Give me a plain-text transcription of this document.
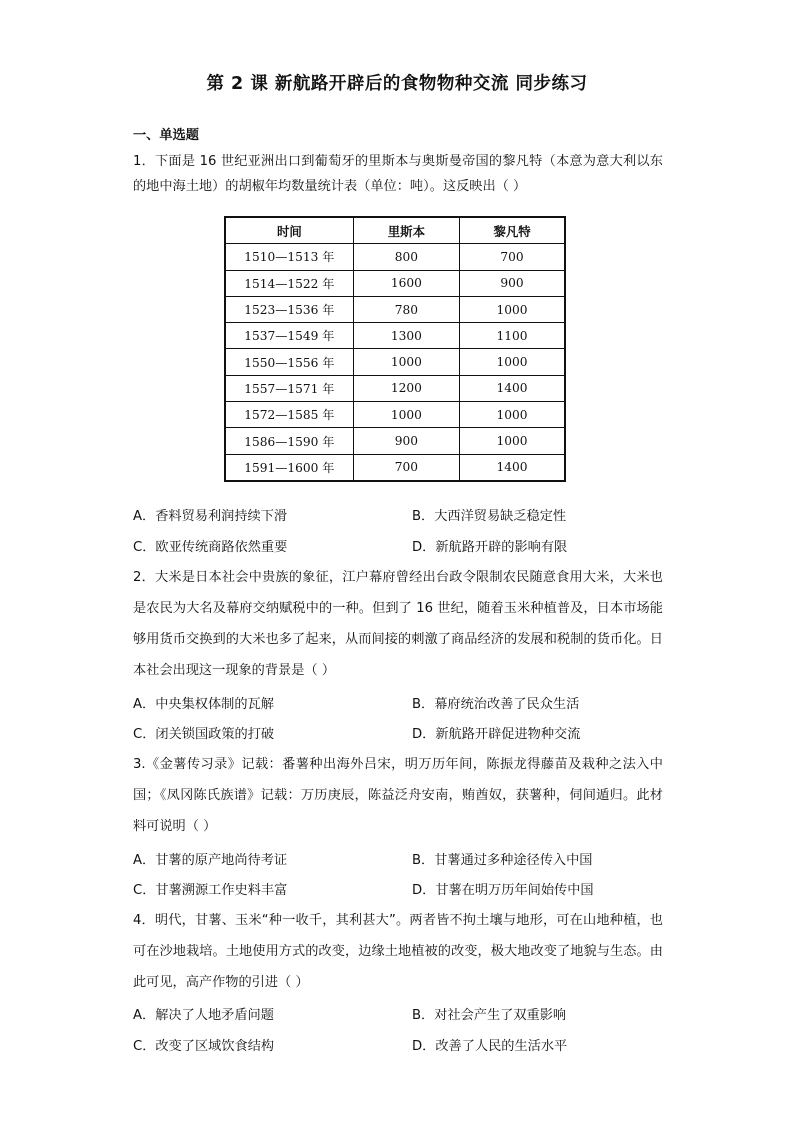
第 2 课 新航路开辟后的食物物种交流 同步练习
一、单选题
1．下面是 16 世纪亚洲出口到葡萄牙的里斯本与奥斯曼帝国的黎凡特（本意为意大利以东的地中海土地）的胡椒年均数量统计表（单位：吨）。这反映出（ ）
时间	里斯本	黎凡特
1510—1513 年	800	700
1514—1522 年	1600	900
1523—1536 年	780	1000
1537—1549 年	1300	1100
1550—1556 年	1000	1000
1557—1571 年	1200	1400
1572—1585 年	1000	1000
1586—1590 年	900	1000
1591—1600 年	700	1400
A．香料贸易利润持续下滑	B．大西洋贸易缺乏稳定性
C．欧亚传统商路依然重要	D．新航路开辟的影响有限
2．大米是日本社会中贵族的象征，江户幕府曾经出台政令限制农民随意食用大米，大米也是农民为大名及幕府交纳赋税中的一种。但到了 16 世纪，随着玉米种植普及，日本市场能够用货币交换到的大米也多了起来，从而间接的刺激了商品经济的发展和税制的货币化。日本社会出现这一现象的背景是（ ）
A．中央集权体制的瓦解	B．幕府统治改善了民众生活
C．闭关锁国政策的打破	D．新航路开辟促进物种交流
3.《金薯传习录》记载：番薯种出海外吕宋，明万历年间，陈振龙得藤苗及栽种之法入中国；《凤冈陈氏族谱》记载：万历庚辰，陈益泛舟安南，贿酋奴，获薯种，伺间遁归。此材料可说明（ ）
A．甘薯的原产地尚待考证	B．甘薯通过多种途径传入中国
C．甘薯溯源工作史料丰富	D．甘薯在明万历年间始传中国
4．明代，甘薯、玉米“种一收千，其利甚大”。两者皆不拘土壤与地形，可在山地种植，也可在沙地栽培。土地使用方式的改变，边缘土地植被的改变，极大地改变了地貌与生态。由此可见，高产作物的引进（ ）
A．解决了人地矛盾问题	B．对社会产生了双重影响
C．改变了区域饮食结构	D．改善了人民的生活水平
